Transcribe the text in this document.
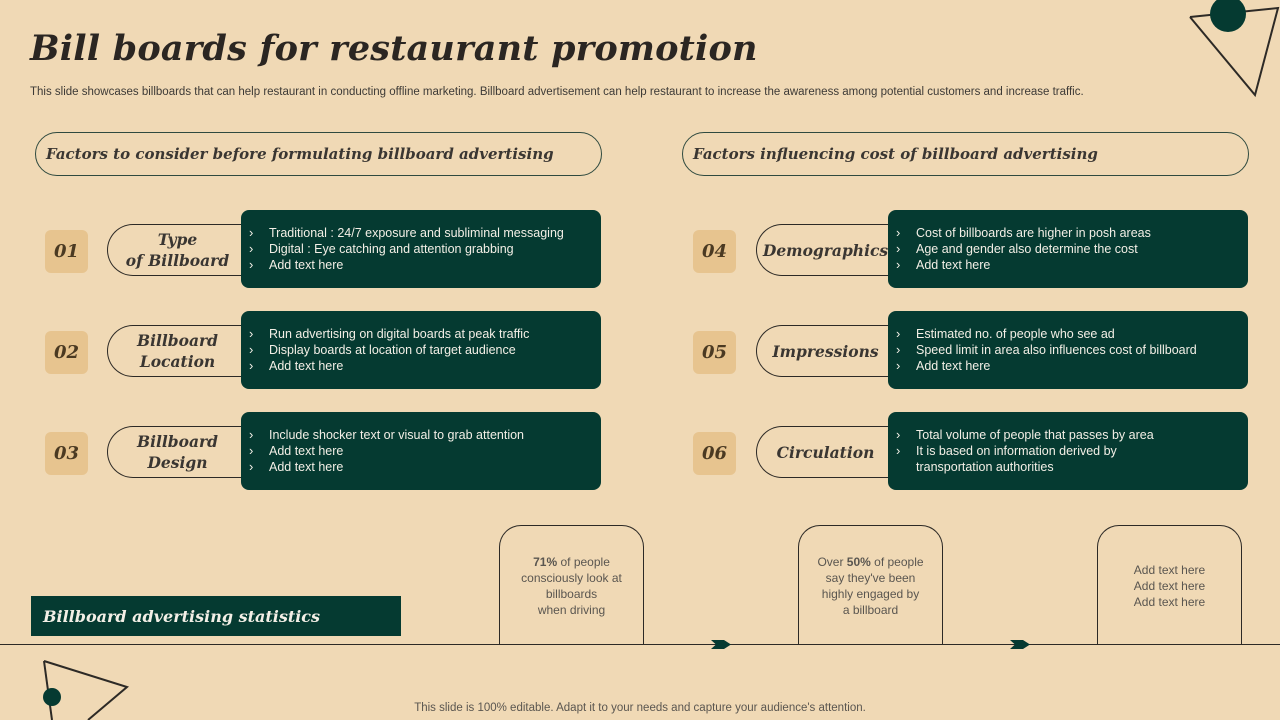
Bill boards for restaurant promotion
This slide showcases billboards that can help restaurant in conducting offline marketing. Billboard advertisement can help restaurant to increase the awareness among potential customers and increase traffic.
Factors to consider before formulating billboard advertising	Factors influencing cost of billboard advertising
01
Type
of Billboard
›	Traditional : 24/7 exposure and subliminal messaging
›	Digital : Eye catching and attention grabbing
›	Add text here
02
Billboard
Location
›	Run advertising on digital boards at peak traffic
›	Display boards at location of target audience
›	Add text here
03
Billboard
Design
›	Include shocker text or visual to grab attention
›	Add text here
›	Add text here
04	Demographics
›	Cost of billboards are higher in posh areas
›	Age and gender also determine the cost
›	Add text here
05	Impressions
›	Estimated no. of people who see ad
›	Speed limit in area also influences cost of billboard
›	Add text here
06	Circulation
›	Total volume of people that passes by area
›	It is based on information derived by

transportation authorities
Billboard advertising statistics
71% of people
consciously look at
billboards
when driving
Over 50% of people
say they've been
highly engaged by
a billboard
Add text here
Add text here
Add text here
This slide is 100% editable. Adapt it to your needs and capture your audience's attention.
